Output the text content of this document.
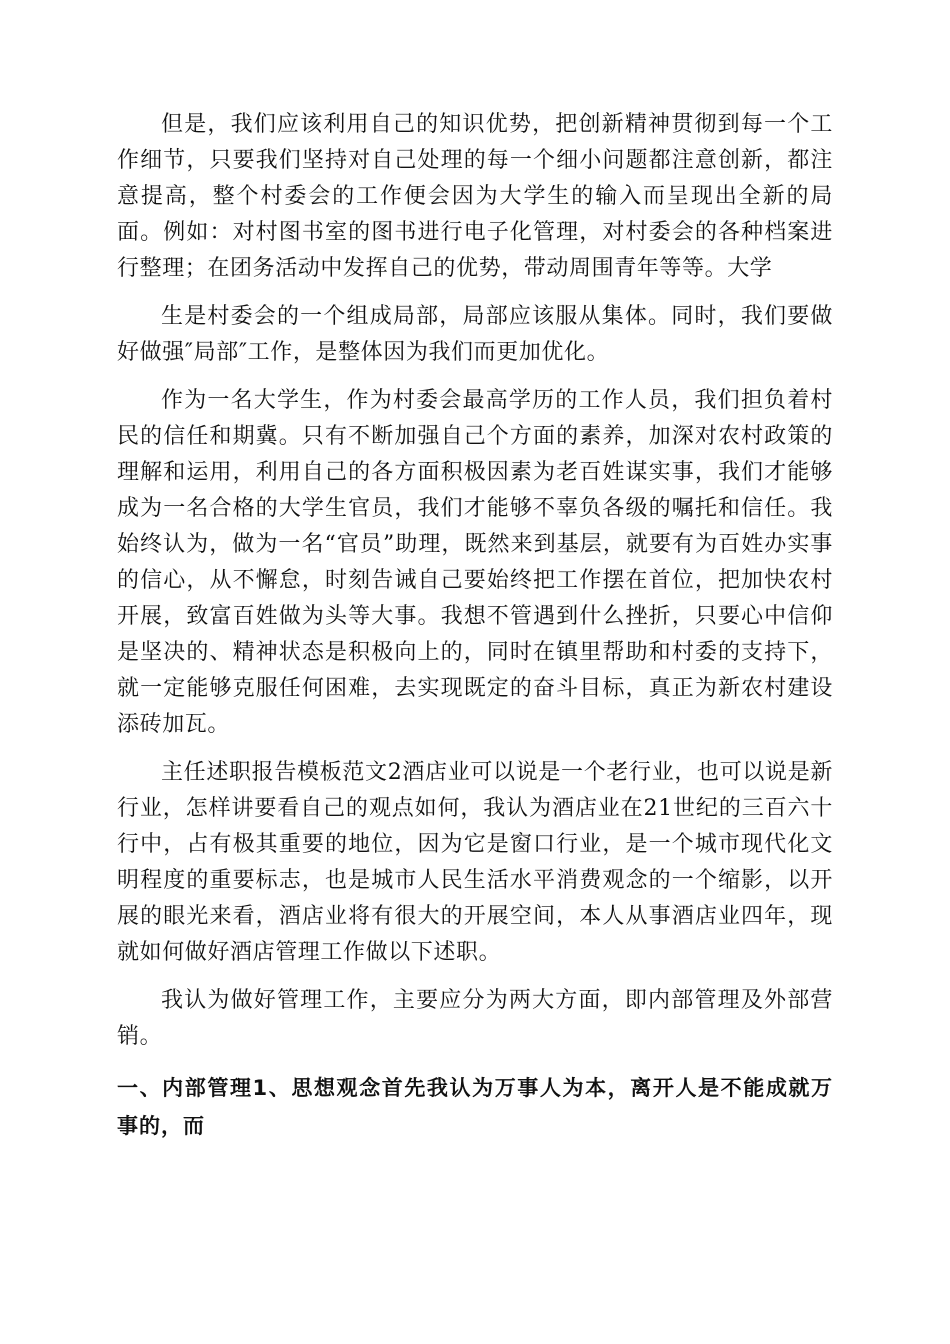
但是，我们应该利用自己的知识优势，把创新精神贯彻到每一个工作细节，只要我们坚持对自己处理的每一个细小问题都注意创新，都注意提高，整个村委会的工作便会因为大学生的输入而呈现出全新的局面。例如：对村图书室的图书进行电子化管理，对村委会的各种档案进行整理；在团务活动中发挥自己的优势，带动周围青年等等。大学

生是村委会的一个组成局部，局部应该服从集体。同时，我们要做好做强″局部″工作，是整体因为我们而更加优化。

作为一名大学生，作为村委会最高学历的工作人员，我们担负着村民的信任和期冀。只有不断加强自己个方面的素养，加深对农村政策的理解和运用，利用自己的各方面积极因素为老百姓谋实事，我们才能够成为一名合格的大学生官员，我们才能够不辜负各级的嘱托和信任。我始终认为，做为一名“官员”助理，既然来到基层，就要有为百姓办实事的信心，从不懈怠，时刻告诫自己要始终把工作摆在首位，把加快农村开展，致富百姓做为头等大事。我想不管遇到什么挫折，只要心中信仰是坚决的、精神状态是积极向上的，同时在镇里帮助和村委的支持下，就一定能够克服任何困难，去实现既定的奋斗目标，真正为新农村建设添砖加瓦。

主任述职报告模板范文2酒店业可以说是一个老行业，也可以说是新行业，怎样讲要看自己的观点如何，我认为酒店业在21世纪的三百六十行中，占有极其重要的地位，因为它是窗口行业，是一个城市现代化文明程度的重要标志，也是城市人民生活水平消费观念的一个缩影，以开展的眼光来看，酒店业将有很大的开展空间，本人从事酒店业四年，现就如何做好酒店管理工作做以下述职。

我认为做好管理工作，主要应分为两大方面，即内部管理及外部营销。

一、内部管理1、思想观念首先我认为万事人为本，离开人是不能成就万事的，而
